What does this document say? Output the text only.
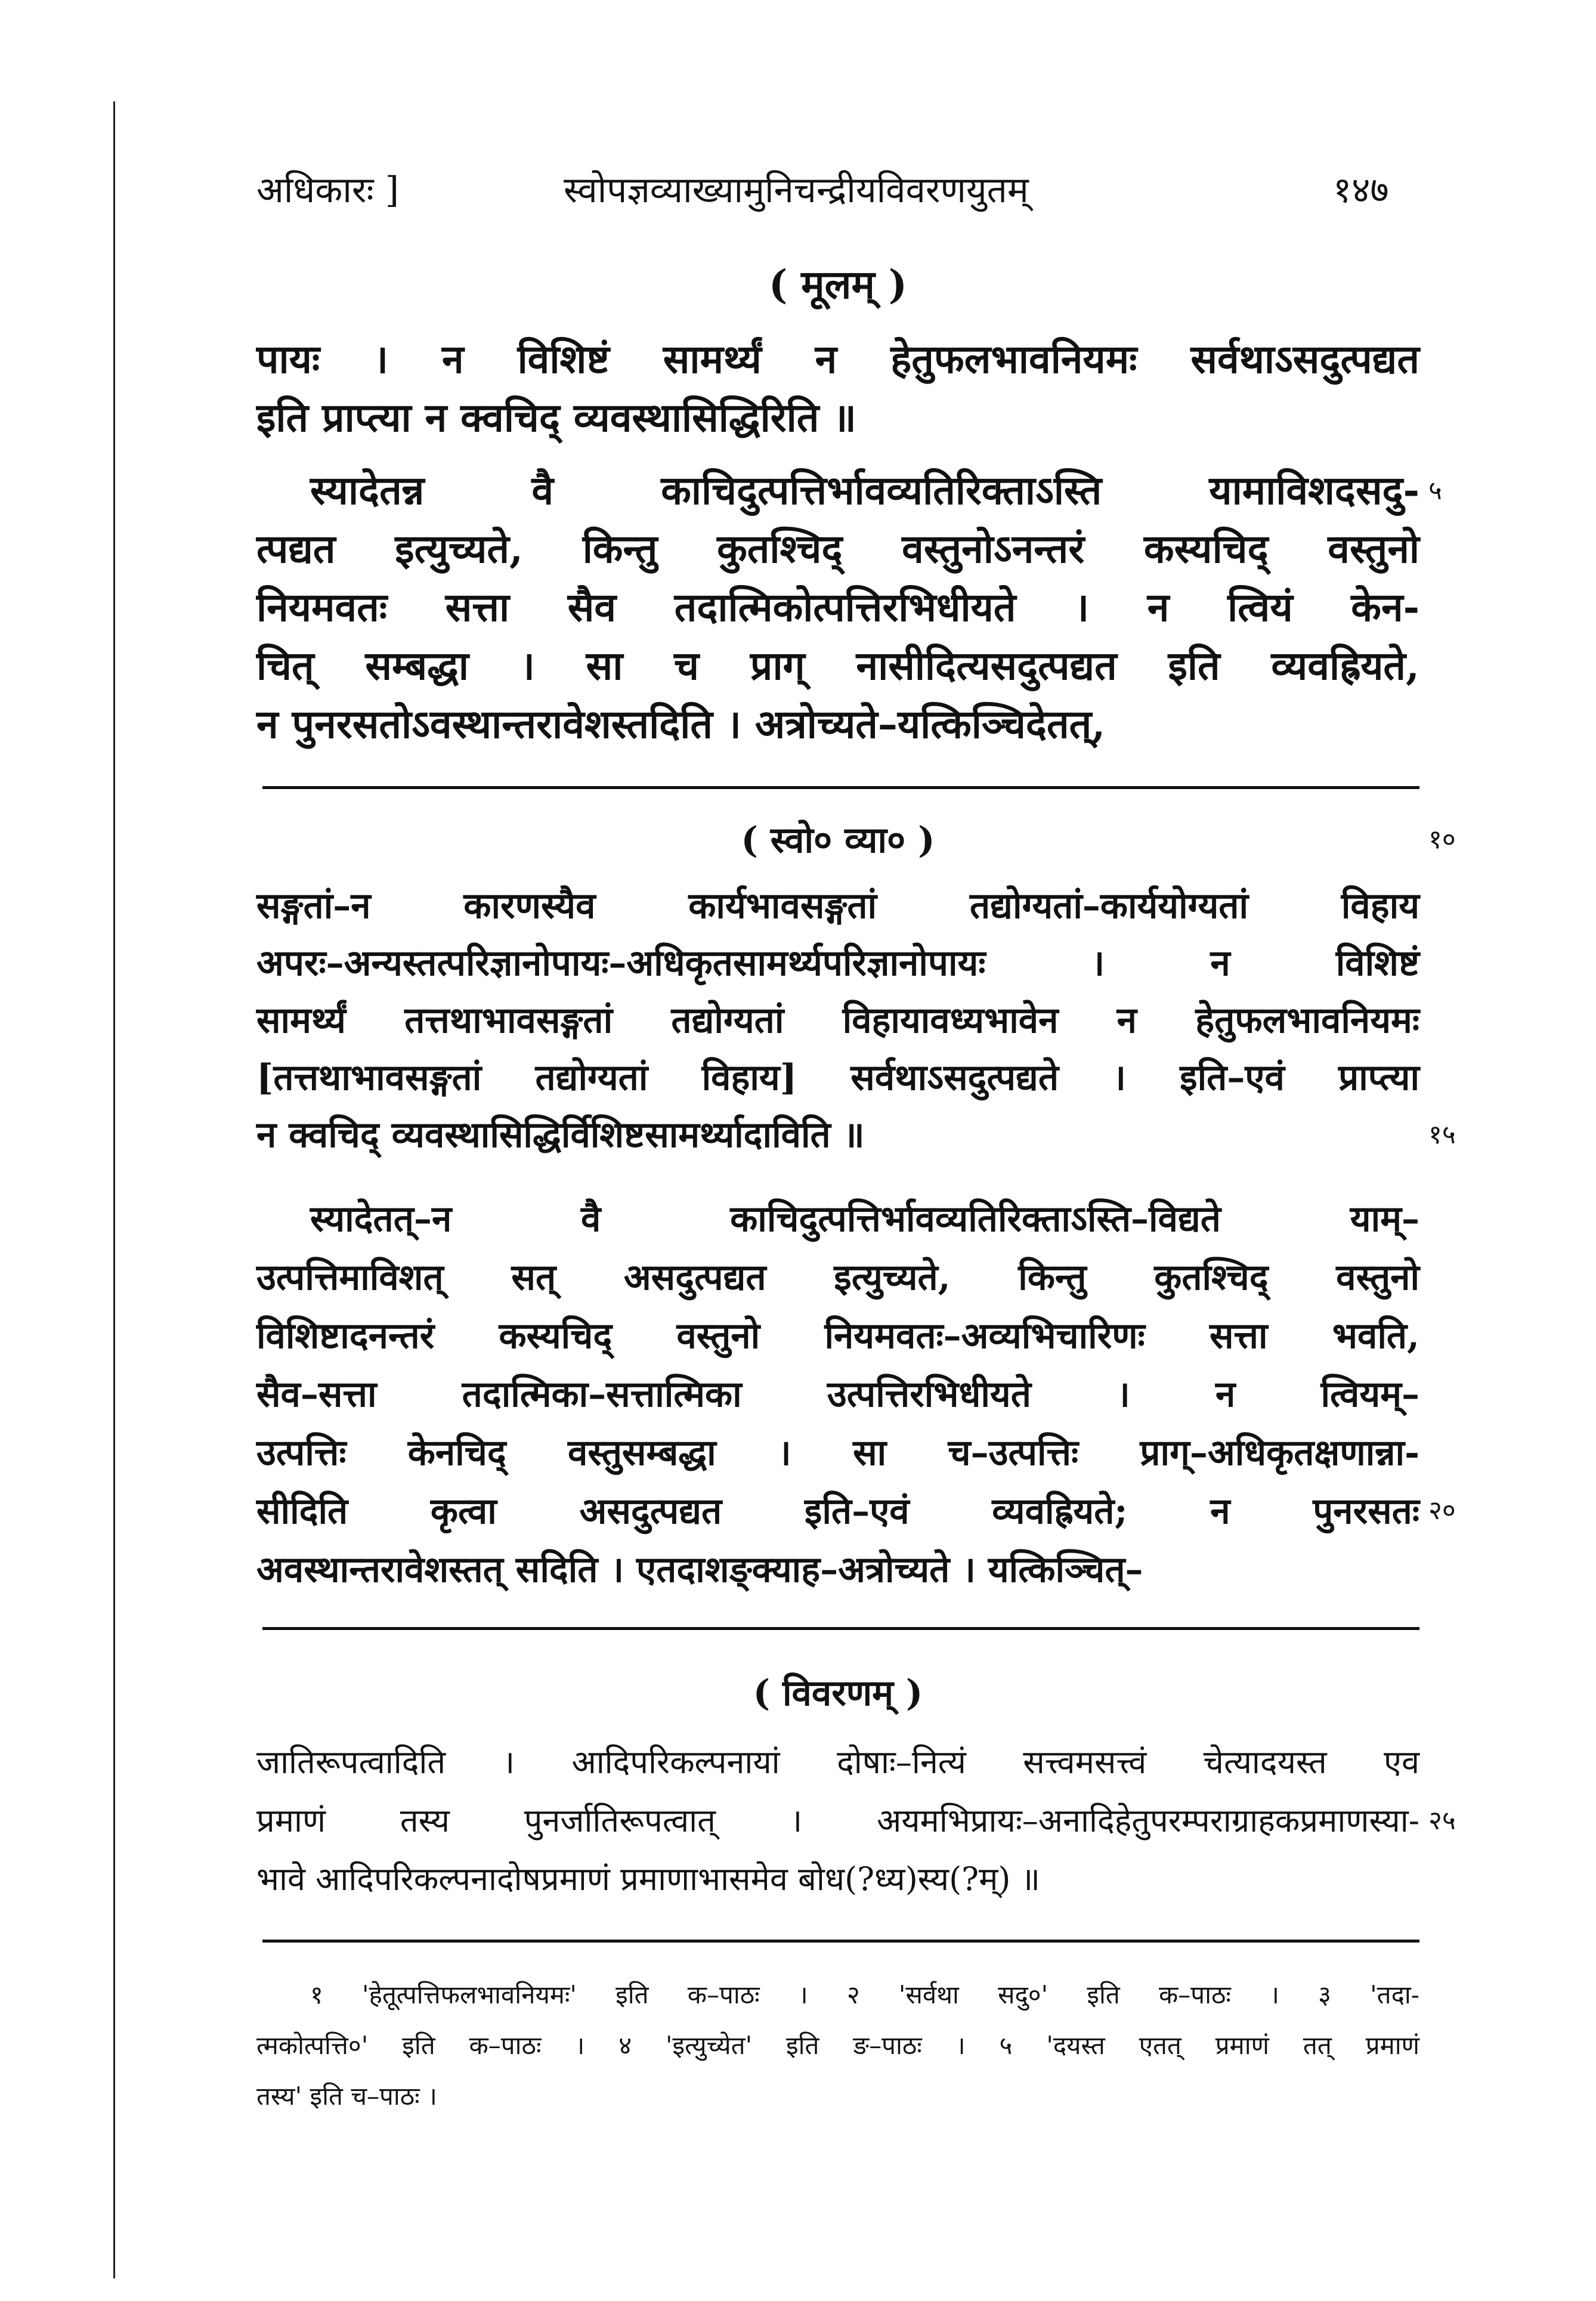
अधिकारः ]	स्वोपज्ञव्याख्यामुनिचन्द्रीयविवरणयुतम्	१४७
( मूलम् )
पायः । न विशिष्टं सामर्थ्यं न हेतुफलभावनियमः सर्वथाऽसदुत्पद्यत
इति प्राप्त्या न क्वचिद् व्यवस्थासिद्धिरिति ॥
स्यादेतन्न वै काचिदुत्पत्तिर्भावव्यतिरिक्ताऽस्ति यामाविशदसदु-
त्पद्यत इत्युच्यते, किन्तु कुतश्चिद् वस्तुनोऽनन्तरं कस्यचिद् वस्तुनो
नियमवतः सत्ता सैव तदात्मिकोत्पत्तिरभिधीयते । न त्वियं केन-
चित् सम्बद्धा । सा च प्राग् नासीदित्यसदुत्पद्यत इति व्यवह्रियते,
न पुनरसतोऽवस्थान्तरावेशस्तदिति । अत्रोच्यते–यत्किञ्चिदेतत्,
५
( स्वो० व्या० )	१०
सङ्गतां–न कारणस्यैव कार्यभावसङ्गतां तद्योग्यतां–कार्ययोग्यतां विहाय
अपरः–अन्यस्तत्परिज्ञानोपायः–अधिकृतसामर्थ्यपरिज्ञानोपायः । न विशिष्टं
सामर्थ्यं तत्तथाभावसङ्गतां तद्योग्यतां विहायावध्यभावेन न हेतुफलभावनियमः
[तत्तथाभावसङ्गतां तद्योग्यतां विहाय] सर्वथाऽसदुत्पद्यते । इति–एवं प्राप्त्या
न क्वचिद् व्यवस्थासिद्धिर्विशिष्टसामर्थ्यादाविति ॥	१५
स्यादेतत्–न वै काचिदुत्पत्तिर्भावव्यतिरिक्ताऽस्ति–विद्यते याम्–
उत्पत्तिमाविशत् सत् असदुत्पद्यत इत्युच्यते, किन्तु कुतश्चिद् वस्तुनो
विशिष्टादनन्तरं कस्यचिद् वस्तुनो नियमवतः–अव्यभिचारिणः सत्ता भवति,
सैव–सत्ता तदात्मिका–सत्तात्मिका उत्पत्तिरभिधीयते । न त्वियम्–
उत्पत्तिः केनचिद् वस्तुसम्बद्धा । सा च–उत्पत्तिः प्राग्–अधिकृतक्षणान्ना-
सीदिति कृत्वा असदुत्पद्यत इति–एवं व्यवह्रियते; न पुनरसतः
अवस्थान्तरावेशस्तत् सदिति । एतदाशङ्क्याह–अत्रोच्यते । यत्किञ्चित्–
२०
( विवरणम् )
जातिरूपत्वादिति । आदिपरिकल्पनायां दोषाः–नित्यं सत्त्वमसत्त्वं चेत्यादयस्त एव
प्रमाणं तस्य पुनर्जातिरूपत्वात् । अयमभिप्रायः–अनादिहेतुपरम्पराग्राहकप्रमाणस्या-
भावे आदिपरिकल्पनादोषप्रमाणं प्रमाणाभासमेव बोध(?ध्य)स्य(?म्) ॥
२५
१ 'हेतूत्पत्तिफलभावनियमः' इति क–पाठः । २ 'सर्वथा सदु०' इति क–पाठः । ३ 'तदा-
त्मकोत्पत्ति०' इति क–पाठः । ४ 'इत्युच्येत' इति ङ–पाठः । ५ 'दयस्त एतत् प्रमाणं तत् प्रमाणं
तस्य' इति च–पाठः ।
